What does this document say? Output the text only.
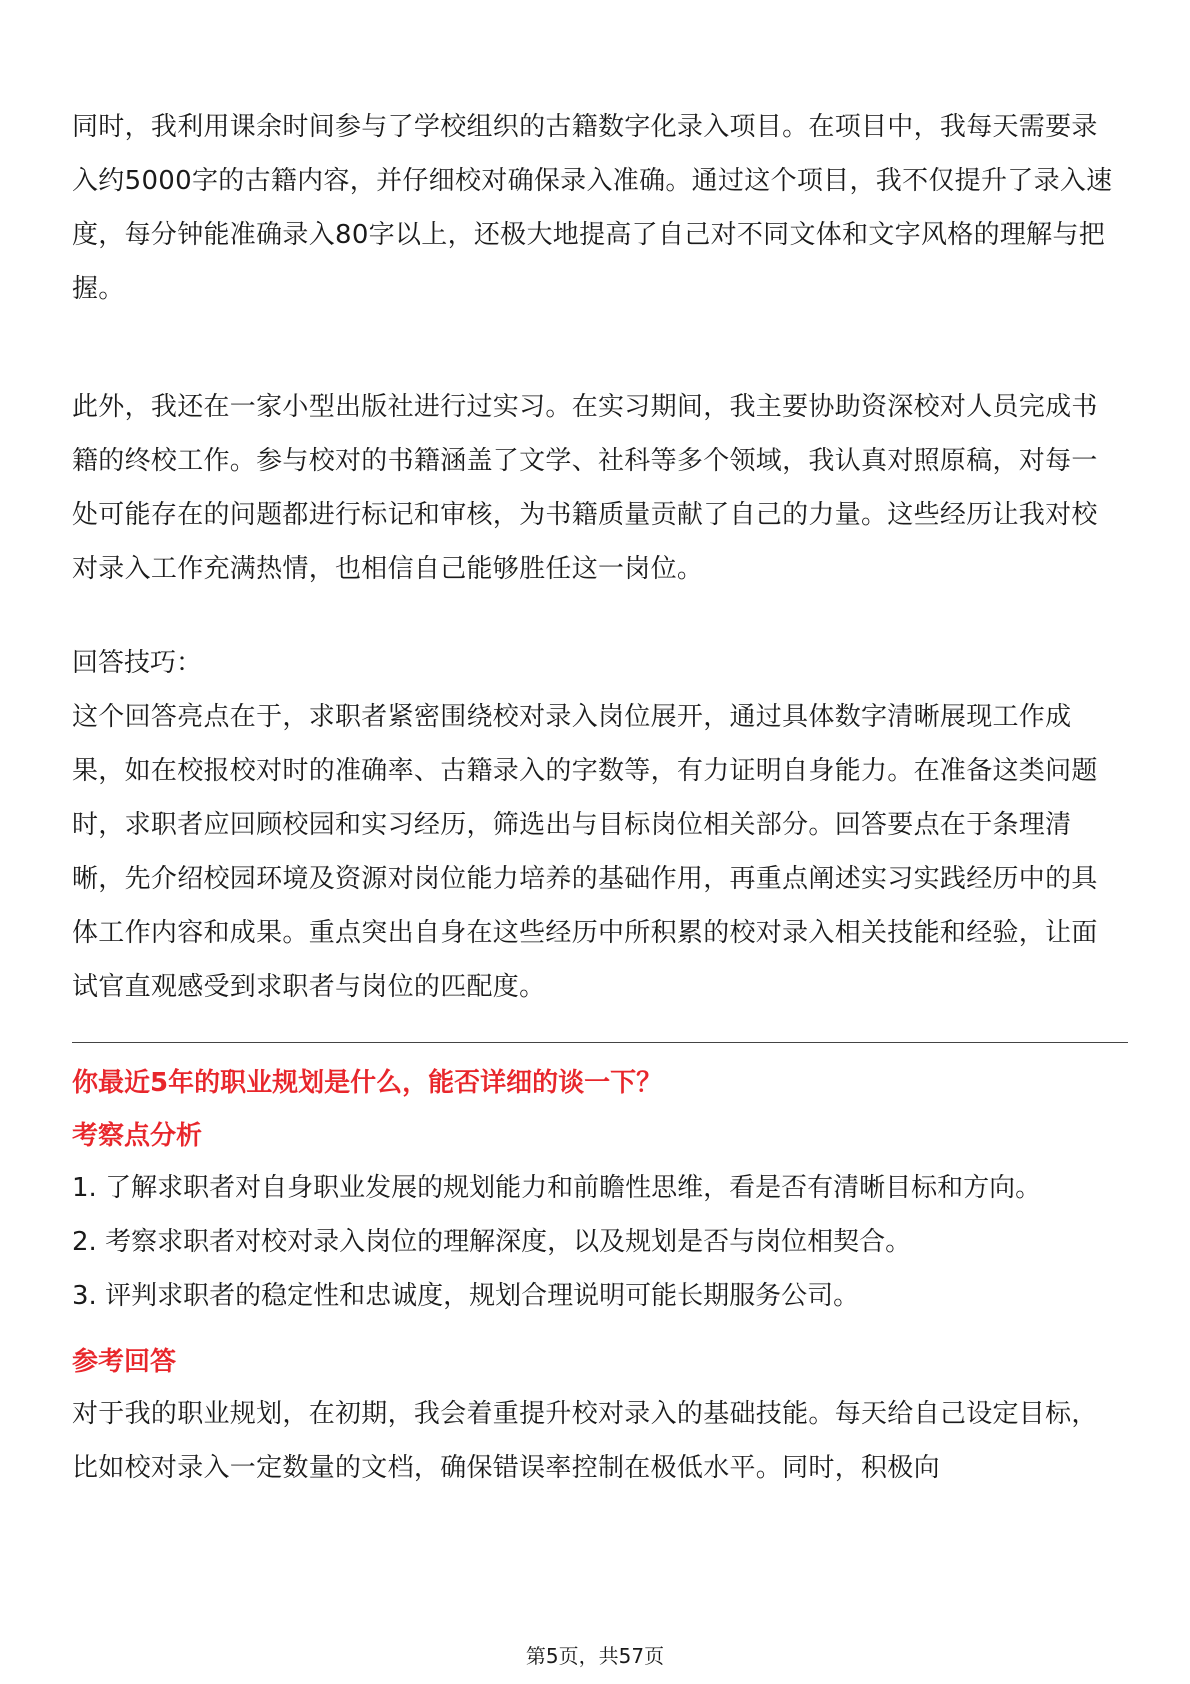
同时，我利用课余时间参与了学校组织的古籍数字化录入项目。在项目中，我每天需要录入约5000字的古籍内容，并仔细校对确保录入准确。通过这个项目，我不仅提升了录入速度，每分钟能准确录入80字以上，还极大地提高了自己对不同文体和文字风格的理解与把握。

此外，我还在一家小型出版社进行过实习。在实习期间，我主要协助资深校对人员完成书籍的终校工作。参与校对的书籍涵盖了文学、社科等多个领域，我认真对照原稿，对每一处可能存在的问题都进行标记和审核，为书籍质量贡献了自己的力量。这些经历让我对校对录入工作充满热情，也相信自己能够胜任这一岗位。

回答技巧：

这个回答亮点在于，求职者紧密围绕校对录入岗位展开，通过具体数字清晰展现工作成果，如在校报校对时的准确率、古籍录入的字数等，有力证明自身能力。在准备这类问题时，求职者应回顾校园和实习经历，筛选出与目标岗位相关部分。回答要点在于条理清晰，先介绍校园环境及资源对岗位能力培养的基础作用，再重点阐述实习实践经历中的具体工作内容和成果。重点突出自身在这些经历中所积累的校对录入相关技能和经验，让面试官直观感受到求职者与岗位的匹配度。

你最近5年的职业规划是什么，能否详细的谈一下？

考察点分析

1. 了解求职者对自身职业发展的规划能力和前瞻性思维，看是否有清晰目标和方向。

2. 考察求职者对校对录入岗位的理解深度，以及规划是否与岗位相契合。

3. 评判求职者的稳定性和忠诚度，规划合理说明可能长期服务公司。

参考回答

对于我的职业规划，在初期，我会着重提升校对录入的基础技能。每天给自己设定目标，比如校对录入一定数量的文档，确保错误率控制在极低水平。同时，积极向

第5页，共57页
